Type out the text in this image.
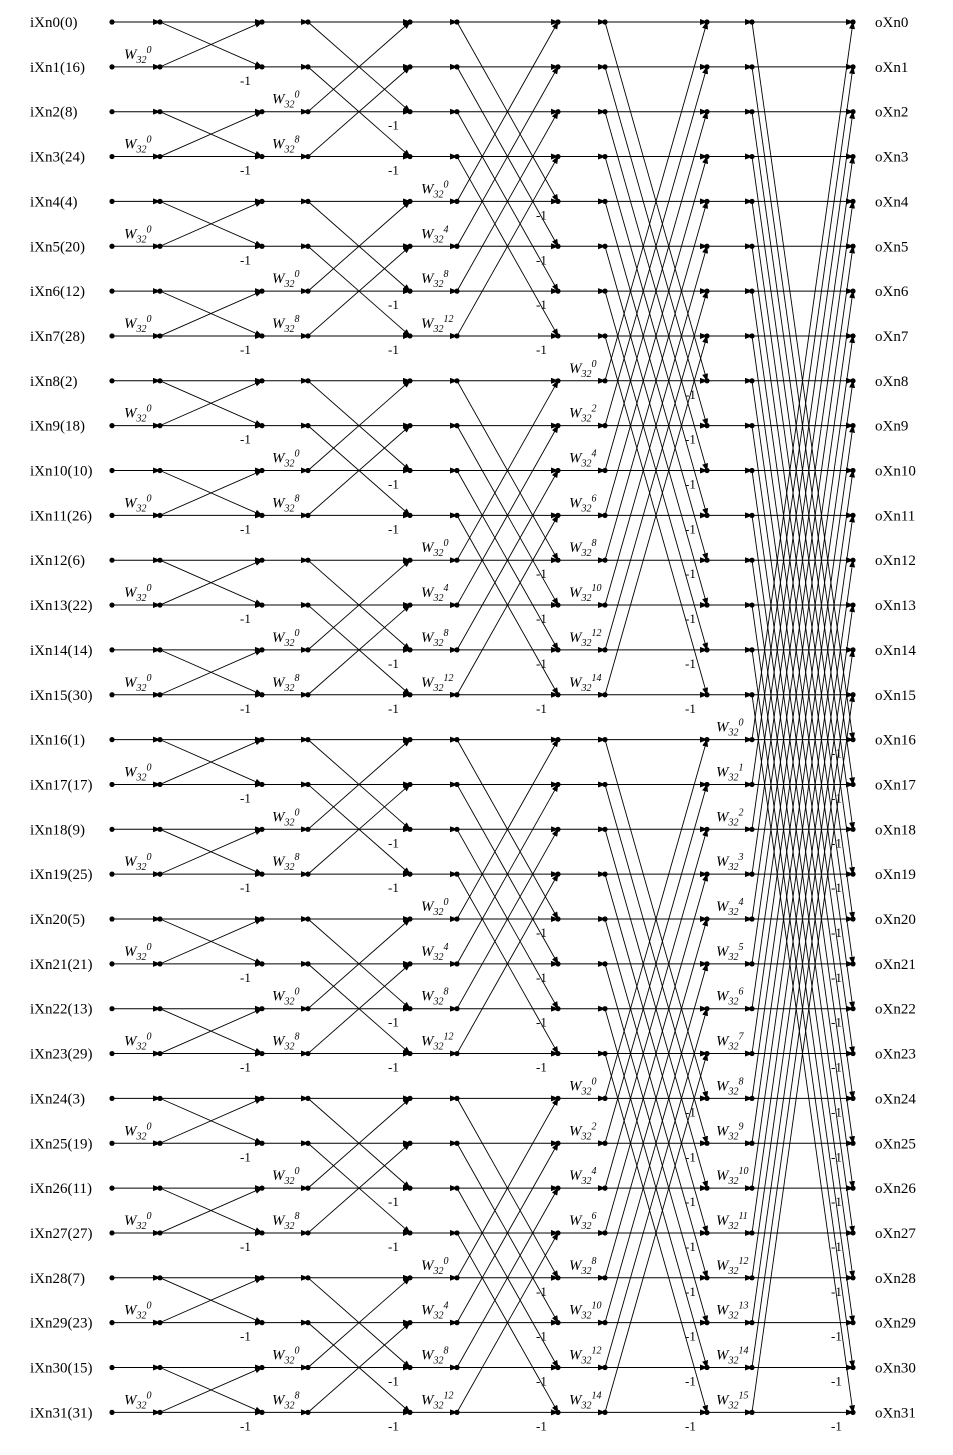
iXn0(0)
iXn1(16)
iXn2(8)
iXn3(24)
iXn4(4)
iXn5(20)
iXn6(12)
iXn7(28)
iXn8(2)
iXn9(18)
iXn10(10)
iXn11(26)
iXn12(6)
iXn13(22)
iXn14(14)
iXn15(30)
iXn16(1)
iXn17(17)
iXn18(9)
iXn19(25)
iXn20(5)
iXn21(21)
iXn22(13)
iXn23(29)
iXn24(3)
iXn25(19)
iXn26(11)
iXn27(27)
iXn28(7)
iXn29(23)
iXn30(15)
iXn31(31)
oXn0
oXn1
oXn2
oXn3
oXn4
oXn5
oXn6
oXn7
oXn8
oXn9
oXn10
oXn11
oXn12
oXn13
oXn14
oXn15
oXn16
oXn17
oXn18
oXn19
oXn20
oXn21
oXn22
oXn23
oXn24
oXn25
oXn26
oXn27
oXn28
oXn29
oXn30
oXn31
$W_{32}^0$
-1
$W_{32}^0$
-1
$W_{32}^0$
-1
$W_{32}^0$
-1
$W_{32}^0$
-1
$W_{32}^0$
-1
$W_{32}^0$
-1
$W_{32}^0$
-1
$W_{32}^0$
-1
$W_{32}^0$
-1
$W_{32}^0$
-1
$W_{32}^0$
-1
$W_{32}^0$
-1
$W_{32}^0$
-1
$W_{32}^0$
-1
$W_{32}^0$
-1
$W_{32}^0$
-1
$W_{32}^8$
-1
$W_{32}^0$
-1
$W_{32}^8$
-1
$W_{32}^0$
-1
$W_{32}^8$
-1
$W_{32}^0$
-1
$W_{32}^8$
-1
$W_{32}^0$
-1
$W_{32}^8$
-1
$W_{32}^0$
-1
$W_{32}^8$
-1
$W_{32}^0$
-1
$W_{32}^8$
-1
$W_{32}^0$
-1
$W_{32}^8$
-1
$W_{32}^0$
-1
$W_{32}^4$
-1
$W_{32}^8$
-1
$W_{32}^{12}$
-1
$W_{32}^0$
-1
$W_{32}^4$
-1
$W_{32}^8$
-1
$W_{32}^{12}$
-1
$W_{32}^0$
-1
$W_{32}^4$
-1
$W_{32}^8$
-1
$W_{32}^{12}$
-1
$W_{32}^0$
-1
$W_{32}^4$
-1
$W_{32}^8$
-1
$W_{32}^{12}$
-1
$W_{32}^0$
-1
$W_{32}^2$
-1
$W_{32}^4$
-1
$W_{32}^6$
-1
$W_{32}^8$
-1
$W_{32}^{10}$
-1
$W_{32}^{12}$
-1
$W_{32}^{14}$
-1
$W_{32}^0$
-1
$W_{32}^2$
-1
$W_{32}^4$
-1
$W_{32}^6$
-1
$W_{32}^8$
-1
$W_{32}^{10}$
-1
$W_{32}^{12}$
-1
$W_{32}^{14}$
-1
$W_{32}^0$
-1
$W_{32}^1$
-1
$W_{32}^2$
-1
$W_{32}^3$
-1
$W_{32}^4$
-1
$W_{32}^5$
-1
$W_{32}^6$
-1
$W_{32}^7$
-1
$W_{32}^8$
-1
$W_{32}^9$
-1
$W_{32}^{10}$
-1
$W_{32}^{11}$
-1
$W_{32}^{12}$
-1
$W_{32}^{13}$
-1
$W_{32}^{14}$
-1
$W_{32}^{15}$
-1
